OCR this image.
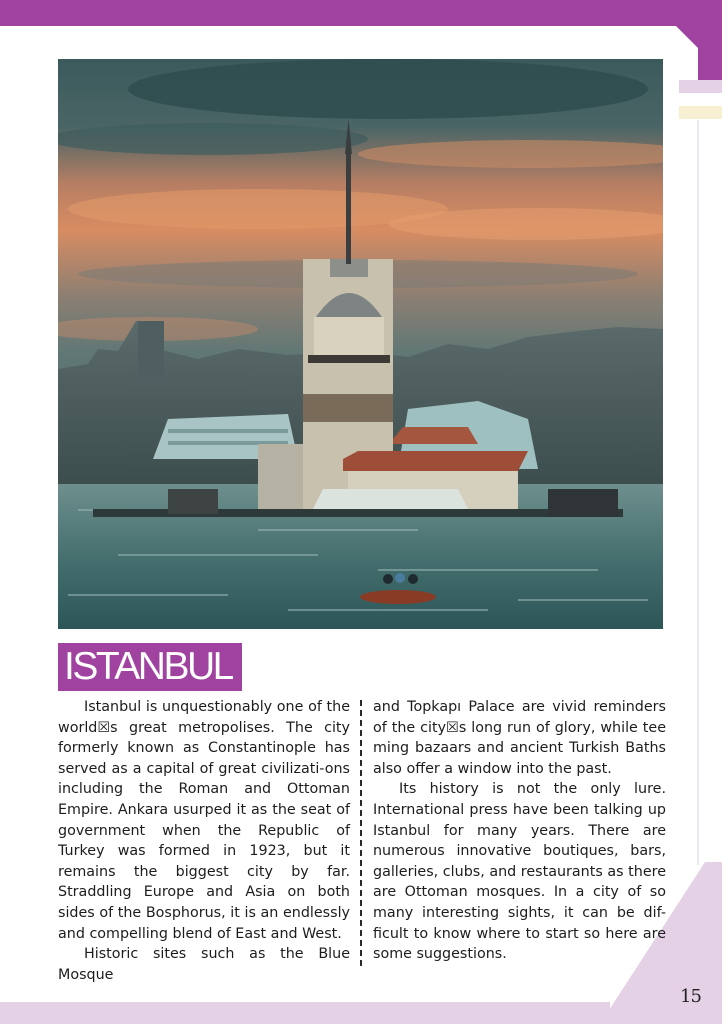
ISTANBUL

Istanbul is unquestionably one of the world☒s great metropolises. The city formerly known as Constantinople has served as a capital of great civilizati-ons including the Roman and Ottoman Empire. Ankara usurped it as the seat of government when the Republic of Turkey was formed in 1923, but it remains the biggest city by far. Straddling Europe and Asia on both sides of the Bosphorus, it is an endlessly and compelling blend of East and West.

Historic sites such as the Blue Mosque

and Topkapı Palace are vivid reminders of the city☒s long run of glory, while tee ming bazaars and ancient Turkish Baths also offer a window into the past.

Its history is not the only lure. International press have been talking up Istanbul for many years. There are numerous innovative boutiques, bars, galleries, clubs, and restaurants as there are Ottoman mosques. In a city of so many interesting sights, it can be dif-ficult to know where to start so here are some suggestions.

15
